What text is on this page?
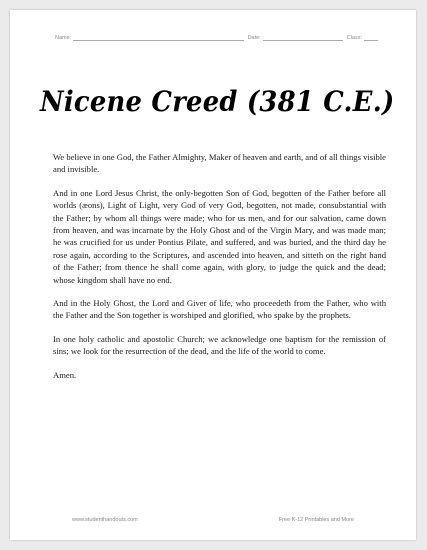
Name:	Date:	Class:
Nicene Creed (381 C.E.)

We believe in one God, the Father Almighty, Maker of heaven and earth, and of all things visible and invisible.

And in one Lord Jesus Christ, the only-begotten Son of God, begotten of the Father before all worlds (æons), Light of Light, very God of very God, begotten, not made, consubstantial with the Father; by whom all things were made; who for us men, and for our salvation, came down from heaven, and was incarnate by the Holy Ghost and of the Virgin Mary, and was made man; he was crucified for us under Pontius Pilate, and suffered, and was buried, and the third day he rose again, according to the Scriptures, and ascended into heaven, and sitteth on the right hand of the Father; from thence he shall come again, with glory, to judge the quick and the dead; whose kingdom shall have no end.

And in the Holy Ghost, the Lord and Giver of life, who proceedeth from the Father, who with the Father and the Son together is worshiped and glorified, who spake by the prophets.

In one holy catholic and apostolic Church; we acknowledge one baptism for the remission of sins; we look for the resurrection of the dead, and the life of the world to come.

Amen.

www.studenthandouts.com	Free K-12 Printables and More
